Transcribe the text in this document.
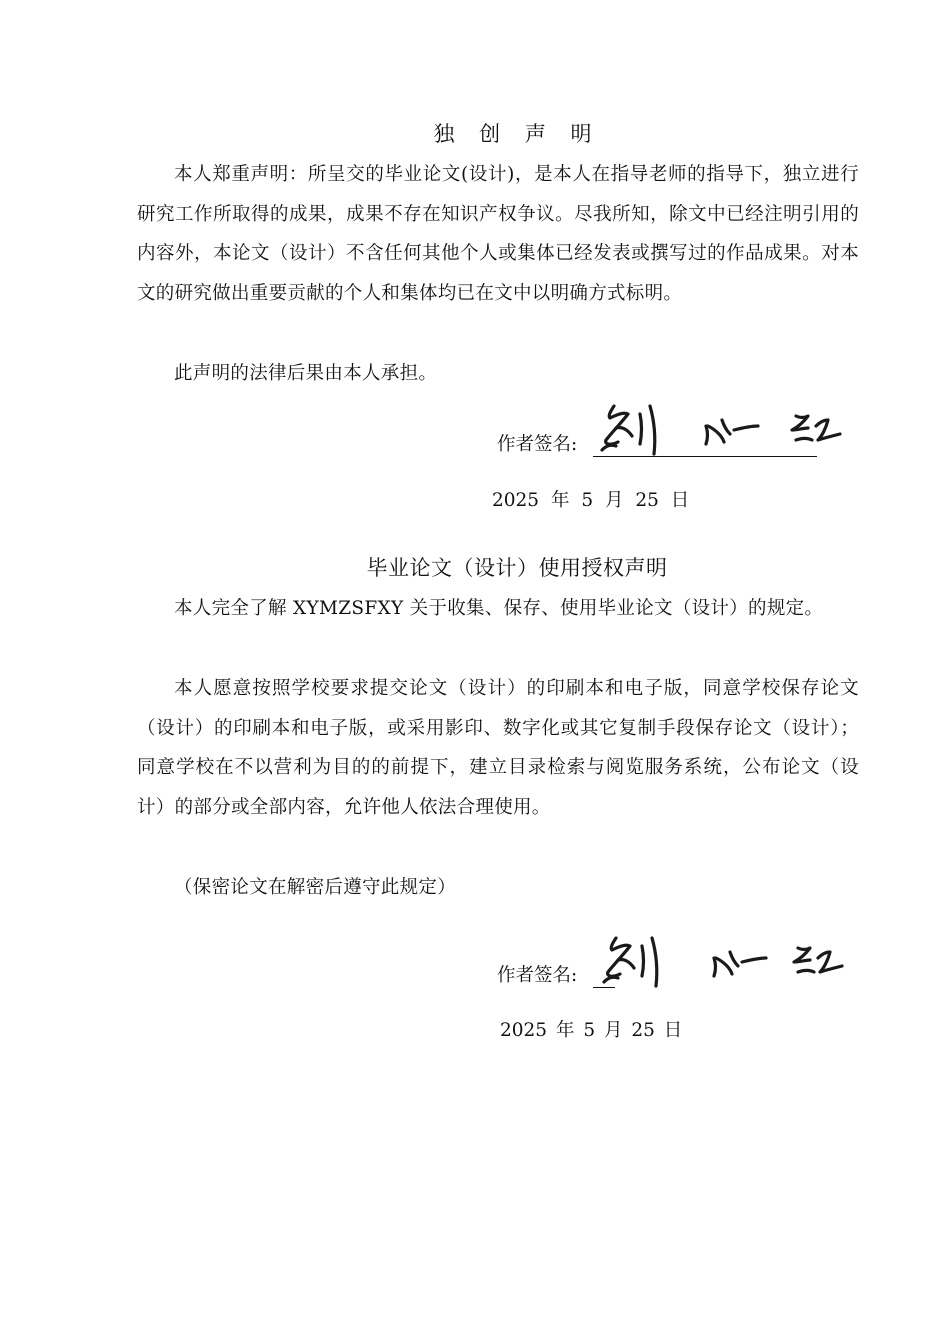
独 创 声 明

本人郑重声明：所呈交的毕业论文(设计)，是本人在指导老师的指导下，独立进行研究工作所取得的成果，成果不存在知识产权争议。尽我所知，除文中已经注明引用的内容外，本论文（设计）不含任何其他个人或集体已经发表或撰写过的作品成果。对本文的研究做出重要贡献的个人和集体均已在文中以明确方式标明。

此声明的法律后果由本人承担。

作者签名:
2025 年 5 月 25 日
毕业论文（设计）使用授权声明

本人完全了解 XYMZSFXY 关于收集、保存、使用毕业论文（设计）的规定。

本人愿意按照学校要求提交论文（设计）的印刷本和电子版，同意学校保存论文（设计）的印刷本和电子版，或采用影印、数字化或其它复制手段保存论文（设计）；同意学校在不以营利为目的的前提下，建立目录检索与阅览服务系统，公布论文（设计）的部分或全部内容，允许他人依法合理使用。

（保密论文在解密后遵守此规定）

作者签名:
2025 年 5 月 25 日
